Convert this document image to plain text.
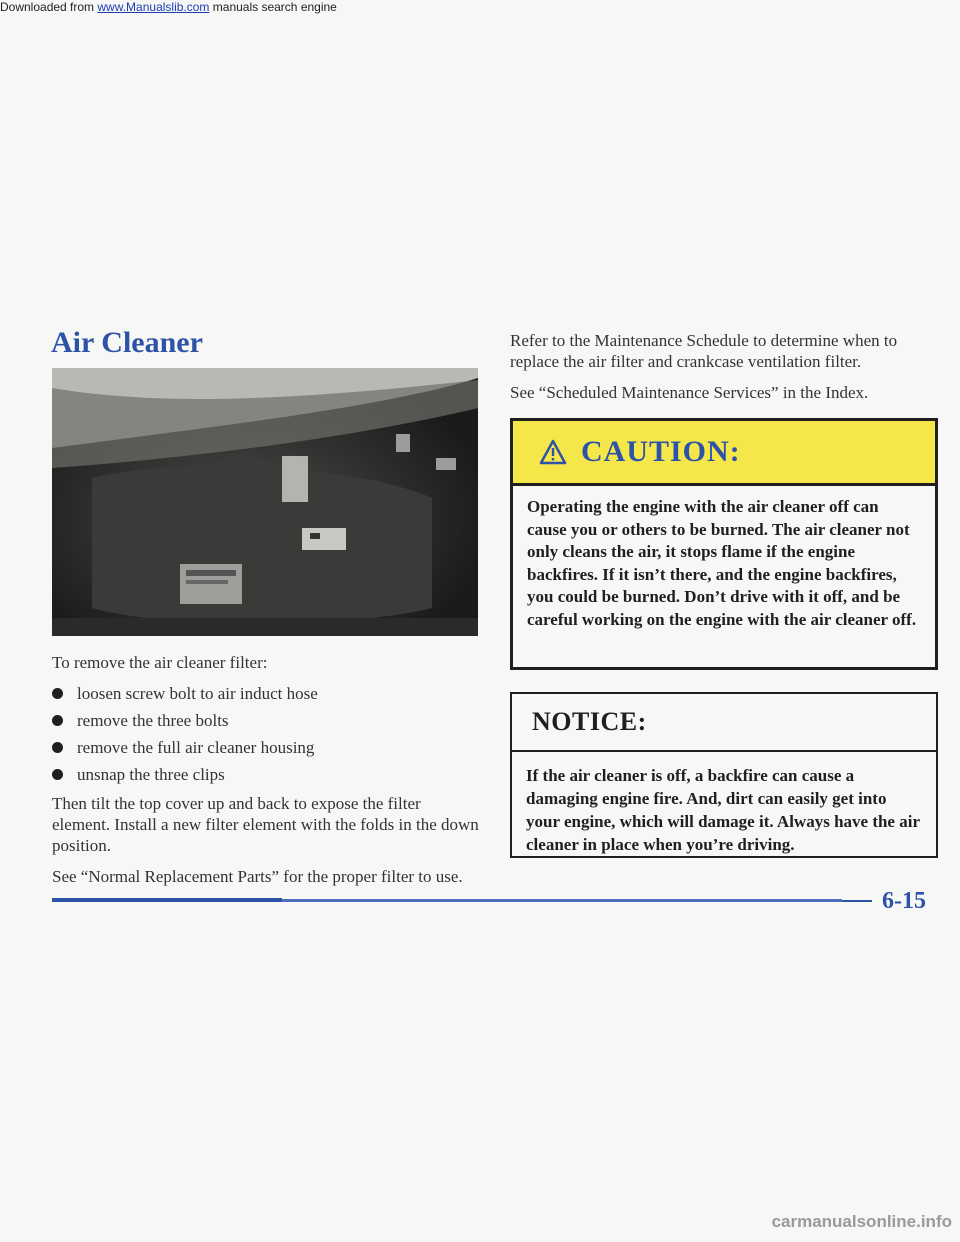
Downloaded from www.Manualslib.com manuals search engine
Air Cleaner

To remove the air cleaner filter:

loosen screw bolt to air induct hose
remove the three bolts
remove the full air cleaner housing
unsnap the three clips

Then tilt the top cover up and back to expose the filter element. Install a new filter element with the folds in the down position.

See “Normal Replacement Parts” for the proper filter to use.

Refer to the Maintenance Schedule to determine when to replace the air filter and crankcase ventilation filter.

See “Scheduled Maintenance Services” in the Index.

CAUTION:
Operating the engine with the air cleaner off can cause you or others to be burned. The air cleaner not only cleans the air, it stops flame if the engine backfires. If it isn’t there, and the engine backfires, you could be burned. Don’t drive with it off, and be careful working on the engine with the air cleaner off.
NOTICE:
If the air cleaner is off, a backfire can cause a damaging engine fire. And, dirt can easily get into your engine, which will damage it. Always have the air cleaner in place when you’re driving.
6-15
carmanualsonline.info
